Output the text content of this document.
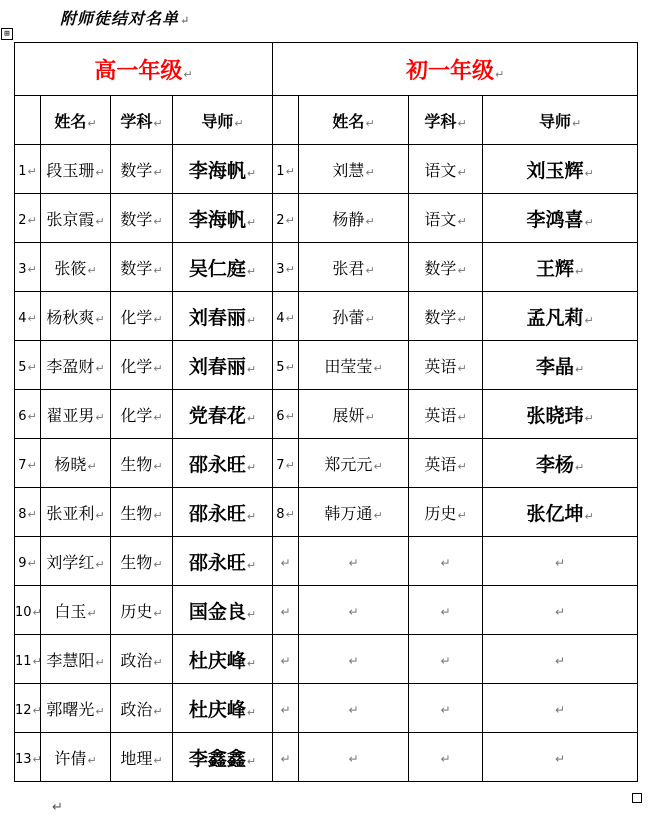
附师徒结对名单↵
⊞
高一年级↵				初一年级↵			
	姓名↵	学科↵	导师↵		姓名↵	学科↵	导师↵
1↵	段玉珊↵	数学↵	李海帆↵	1↵	刘慧↵	语文↵	刘玉辉↵
2↵	张京霞↵	数学↵	李海帆↵	2↵	杨静↵	语文↵	李鸿喜↵
3↵	张筱↵	数学↵	吴仁庭↵	3↵	张君↵	数学↵	王辉↵
4↵	杨秋爽↵	化学↵	刘春丽↵	4↵	孙蕾↵	数学↵	孟凡莉↵
5↵	李盈财↵	化学↵	刘春丽↵	5↵	田莹莹↵	英语↵	李晶↵
6↵	翟亚男↵	化学↵	党春花↵	6↵	展妍↵	英语↵	张晓玮↵
7↵	杨晓↵	生物↵	邵永旺↵	7↵	郑元元↵	英语↵	李杨↵
8↵	张亚利↵	生物↵	邵永旺↵	8↵	韩万通↵	历史↵	张亿坤↵
9↵	刘学红↵	生物↵	邵永旺↵	↵	↵	↵	↵
10↵	白玉↵	历史↵	国金良↵	↵	↵	↵	↵
11↵	李慧阳↵	政治↵	杜庆峰↵	↵	↵	↵	↵
12↵	郭曙光↵	政治↵	杜庆峰↵	↵	↵	↵	↵
13↵	许倩↵	地理↵	李鑫鑫↵	↵	↵	↵	↵
↵
